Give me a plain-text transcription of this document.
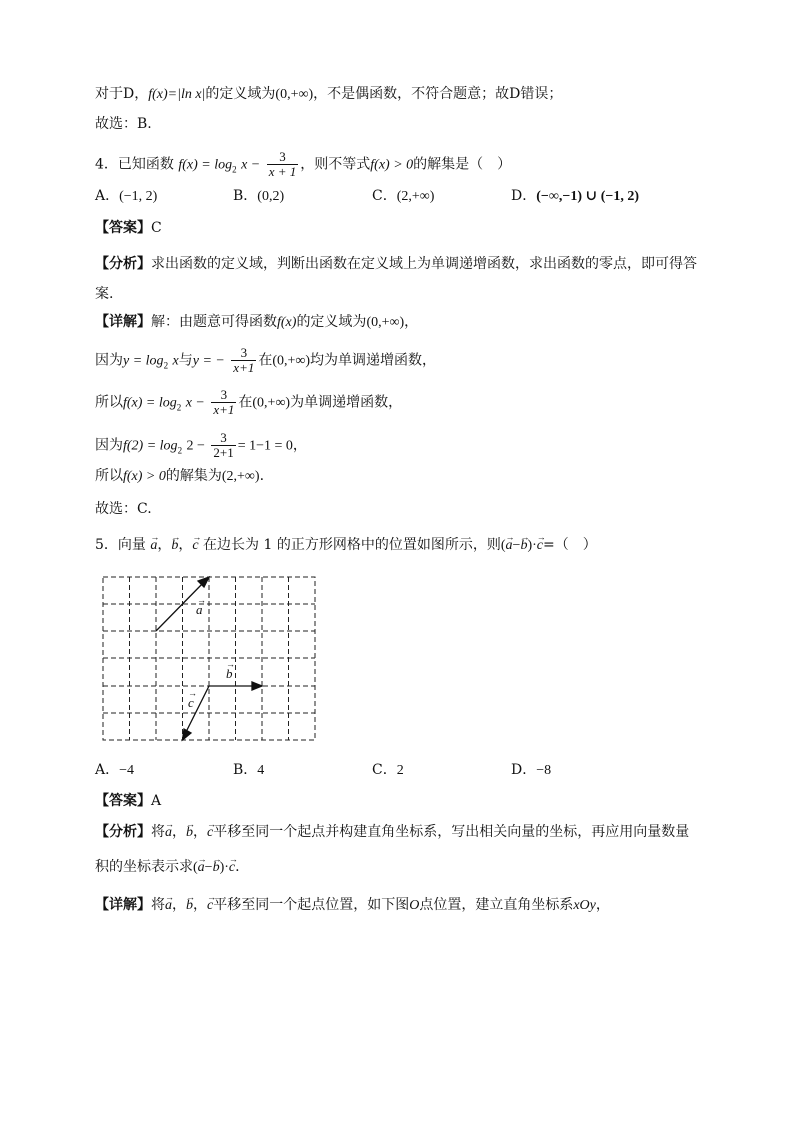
对于D，f(x)=|ln x|的定义域为(0,+∞)，不是偶函数，不符合题意；故D错误；
故选：B.
4．已知函数 $f(x) = \log_2 x - \frac{3}{x + 1}$ ，则不等式f(x) > 0的解集是（　）
A．(−1, 2)	B．(0,2)	C．(2,+∞)	D．(−∞,−1) ∪ (−1, 2)
【答案】C
【分析】求出函数的定义域，判断出函数在定义域上为单调递增函数，求出函数的零点，即可得答案.
【详解】解：由题意可得函数f(x)的定义域为(0,+∞)，
因为$y = \log_2 x$与y = − $\frac{3}{x+1}$ 在(0,+∞)均为单调递增函数，
所以$f(x) = \log_2 x - \frac{3}{x+1}$ 在(0,+∞)为单调递增函数，
因为$f(2) = \log_2 2 - \frac{3}{2+1} = 1-1 = 0$，
所以f(x) > 0的解集为(2,+∞).
故选：C.
5．向量 → a，→ b，→ c 在边长为 1 的正方形网格中的位置如图所示，则(→ a−→ b)·→ c=（　）
a
→
b
→
c
→
A．−4	B．4	C．2	D．−8
【答案】A
【分析】将→ a，→ b，→ c平移至同一个起点并构建直角坐标系，写出相关向量的坐标，再应用向量数量
积的坐标表示求(→ a−→ b)·→ c.
【详解】将→ a，→ b，→ c平移至同一个起点位置，如下图O点位置，建立直角坐标系xOy，
